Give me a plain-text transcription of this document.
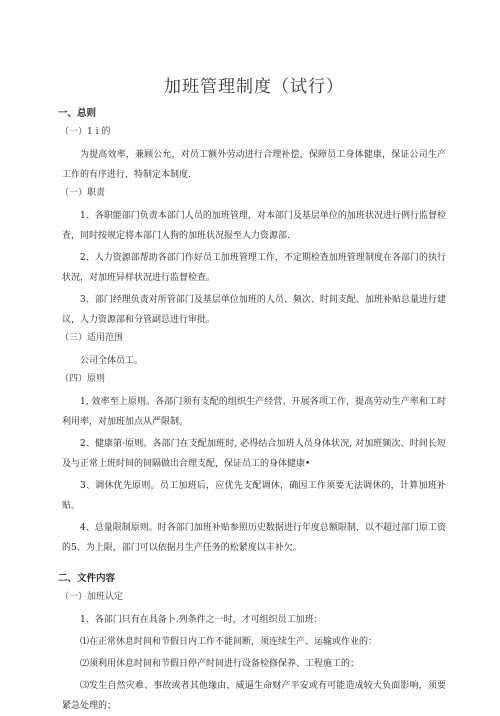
加班管理制度（试行）
一、总则
（一）1 i 的

为提高效率，兼顾公允，对员工额外劳动进行合理补偿，保障员工身体健康，保证公司生产工作的有序进行，特制定本制度.

（一）职责

1、各职能部门负责本部门人员的加班管理，对本部门及基层单位的加班状况进行例行监督检查，同时按规定将本部门人狗的加班状况报至人力资源部.

2、人力资源部帮助各部门作好员工加班管理工作，不定期检查加班管理制度在各部门的执行状况，对加班异样状况进行监督检查。

3、部门经理负责对所管部门及基层单位加班的人员、频次、时间支配、加班补贴总量进行建议，人力资源部和分管副总进行审批。

（三）适用范围

公司全体员工。

（四）原则

1, 效率至上原则。各部门须有支配的组织生产经营、开展各项工作，提高劳动生产率和工时利用率，对加班加点从严限制。

2、健康第·原则。各部门在支配加班时, 必得结合加班人员身体状况, 对加班频次、时间长短及与正常上班时间的间隔做出合理支配，保证员工的身体健康•

3、调休优先原则。员工加班后，应优先支配调休，确因工作须要无法调休的，计算加班补贴。

4、总量限制原则。时各部门加班补贴参照历史数据进行年度总额限制，以不超过部门原工资的5、为上限，部门可以依据月生产任务的松紧度以丰补欠。

二、文件内容
（一）加班认定

1、各部门只有在具备卜.列条件之一时，才可组织员工加班：

⑴在正常休息时间和节假日内工作不能间断，须连续生产、运输或作业的：

⑵须利用休息时间和节假日停产时间进行设备检修保养、工程施工的；

⑶发生自然灾难、事故或者其他缘由，威逼生命财产平安或有可能造成较大负面影响，须要紧急处理的；
